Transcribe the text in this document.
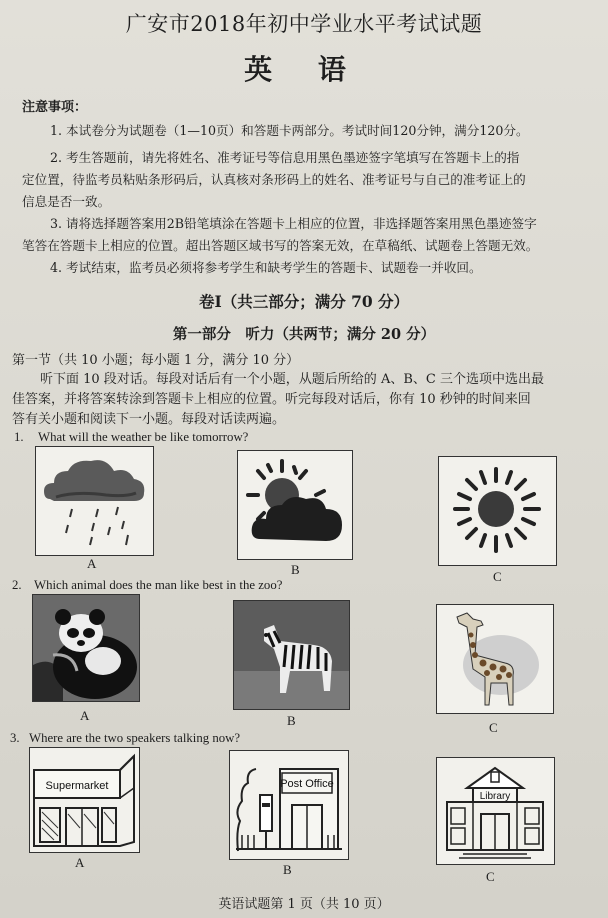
广安市2018年初中学业水平考试试题
英 语
注意事项：
1. 本试卷分为试题卷（1—10页）和答题卡两部分。考试时间120分钟，满分120分。
2. 考生答题前，请先将姓名、准考证号等信息用黑色墨迹签字笔填写在答题卡上的指
定位置，待监考员粘贴条形码后，认真核对条形码上的姓名、准考证号与自己的准考证上的
信息是否一致。
3. 请将选择题答案用2B铅笔填涂在答题卡上相应的位置，非选择题答案用黑色墨迹签字
笔答在答题卡上相应的位置。超出答题区域书写的答案无效，在草稿纸、试题卷上答题无效。
4. 考试结束，监考员必须将参考学生和缺考学生的答题卡、试题卷一并收回。
卷Ⅰ（共三部分；满分 70 分）
第一部分　听力（共两节；满分 20 分）
第一节（共 10 小题；每小题 1 分，满分 10 分）
听下面 10 段对话。每段对话后有一个小题，从题后所给的 A、B、C 三个选项中选出最
佳答案，并将答案转涂到答题卡上相应的位置。听完每段对话后，你有 10 秒钟的时间来回
答有关小题和阅读下一小题。每段对话读两遍。
1. What will the weather be like tomorrow?
A	B	C
2. Which animal does the man like best in the zoo?
A	B	C
3. Where are the two speakers talking now?
Supermarket
A
Post Office
B
Library
C
英语试题第 1 页（共 10 页）
